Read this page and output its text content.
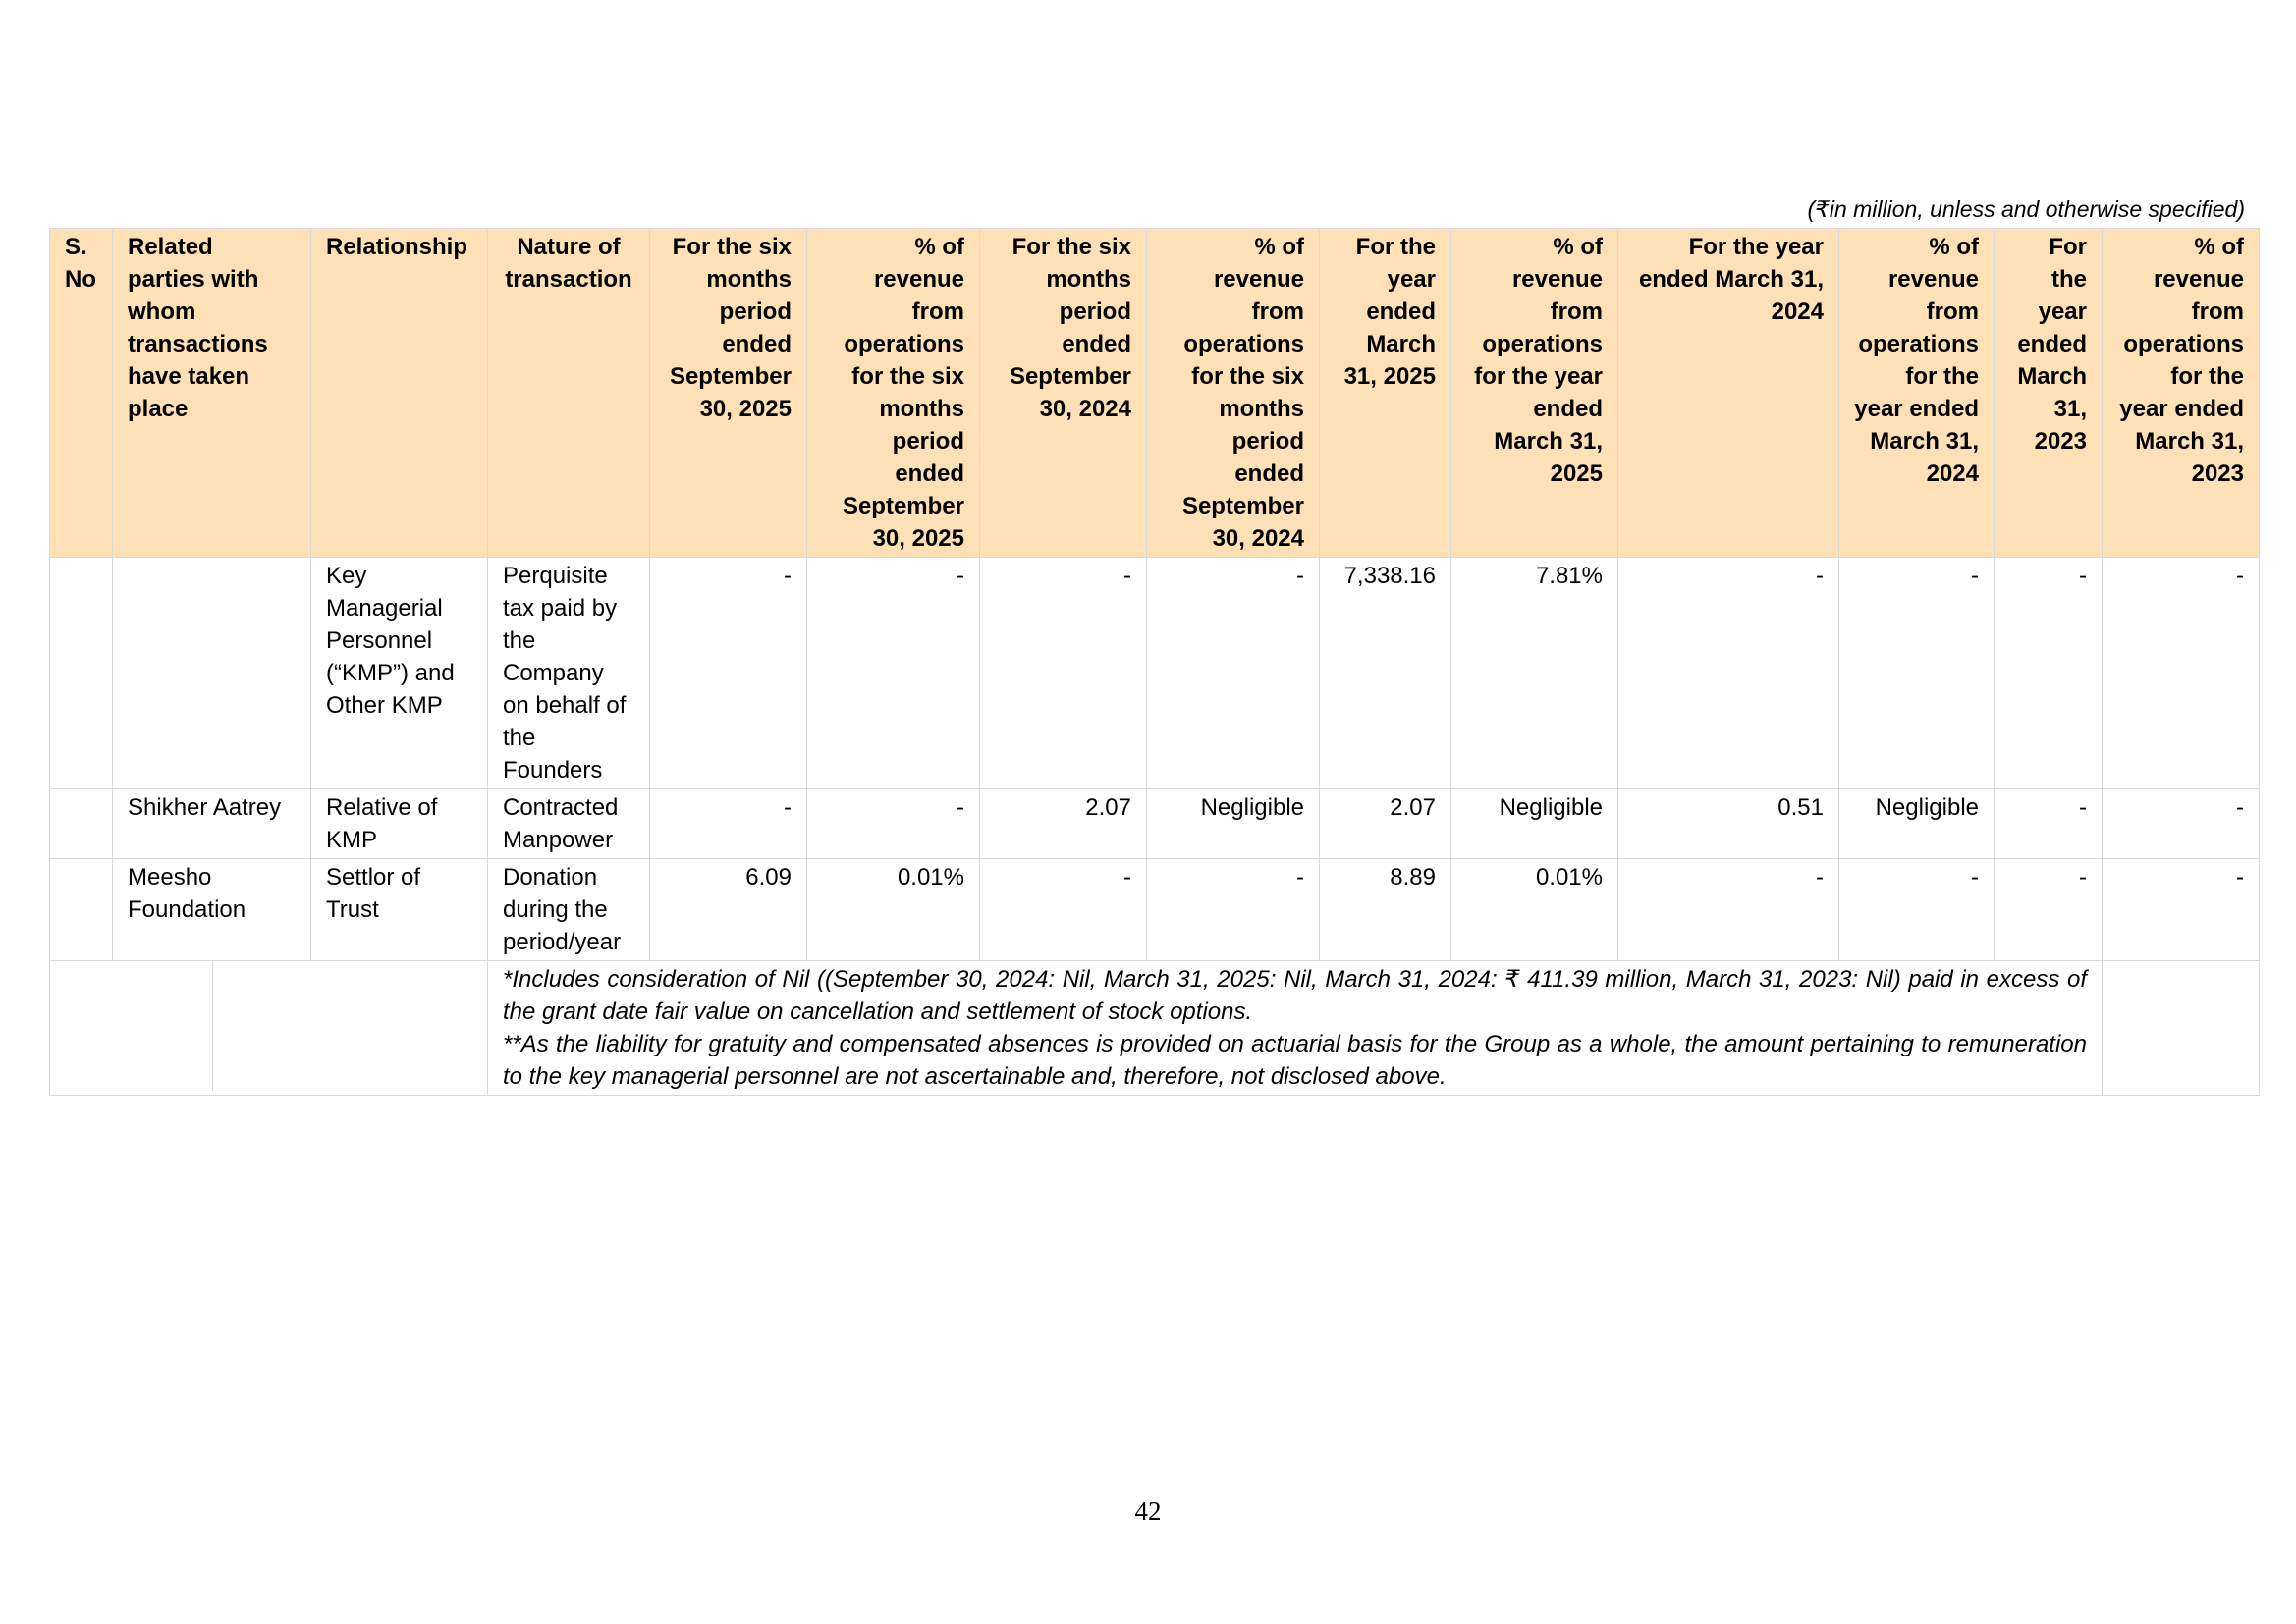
(₹in million, unless and otherwise specified)
S. No	Related parties with whom transactions have taken place	Relationship	Nature of transaction	For the six months period ended September 30, 2025	% of revenue from operations for the six months period ended September 30, 2025	For the six months period ended September 30, 2024	% of revenue from operations for the six months period ended September 30, 2024	For the year ended March 31, 2025	% of revenue from operations for the year ended March 31, 2025	For the year ended March 31, 2024	% of revenue from operations for the year ended March 31, 2024	For the year ended March 31, 2023	% of revenue from operations for the year ended March 31, 2023
		Key Managerial Personnel (“KMP”) and Other KMP	Perquisite tax paid by the Company on behalf of the Founders	-	-	-	-	7,338.16	7.81%	-	-	-	-
	Shikher Aatrey	Relative of KMP	Contracted Manpower	-	-	2.07	Negligible	2.07	Negligible	0.51	Negligible	-	-
	Meesho Foundation	Settlor of Trust	Donation during the period/year	6.09	0.01%	-	-	8.89	0.01%	-	-	-	-

			*Includes consideration of Nil ((September 30, 2024: Nil, March 31, 2025: Nil, March 31, 2024: ₹ 411.39 million, March 31, 2023: Nil) paid in excess of the grant date fair value on cancellation and settlement of stock options.
**As the liability for gratuity and compensated absences is provided on actuarial basis for the Group as a whole, the amount pertaining to remuneration to the key managerial personnel are not ascertainable and, therefore, not disclosed above.										

42
